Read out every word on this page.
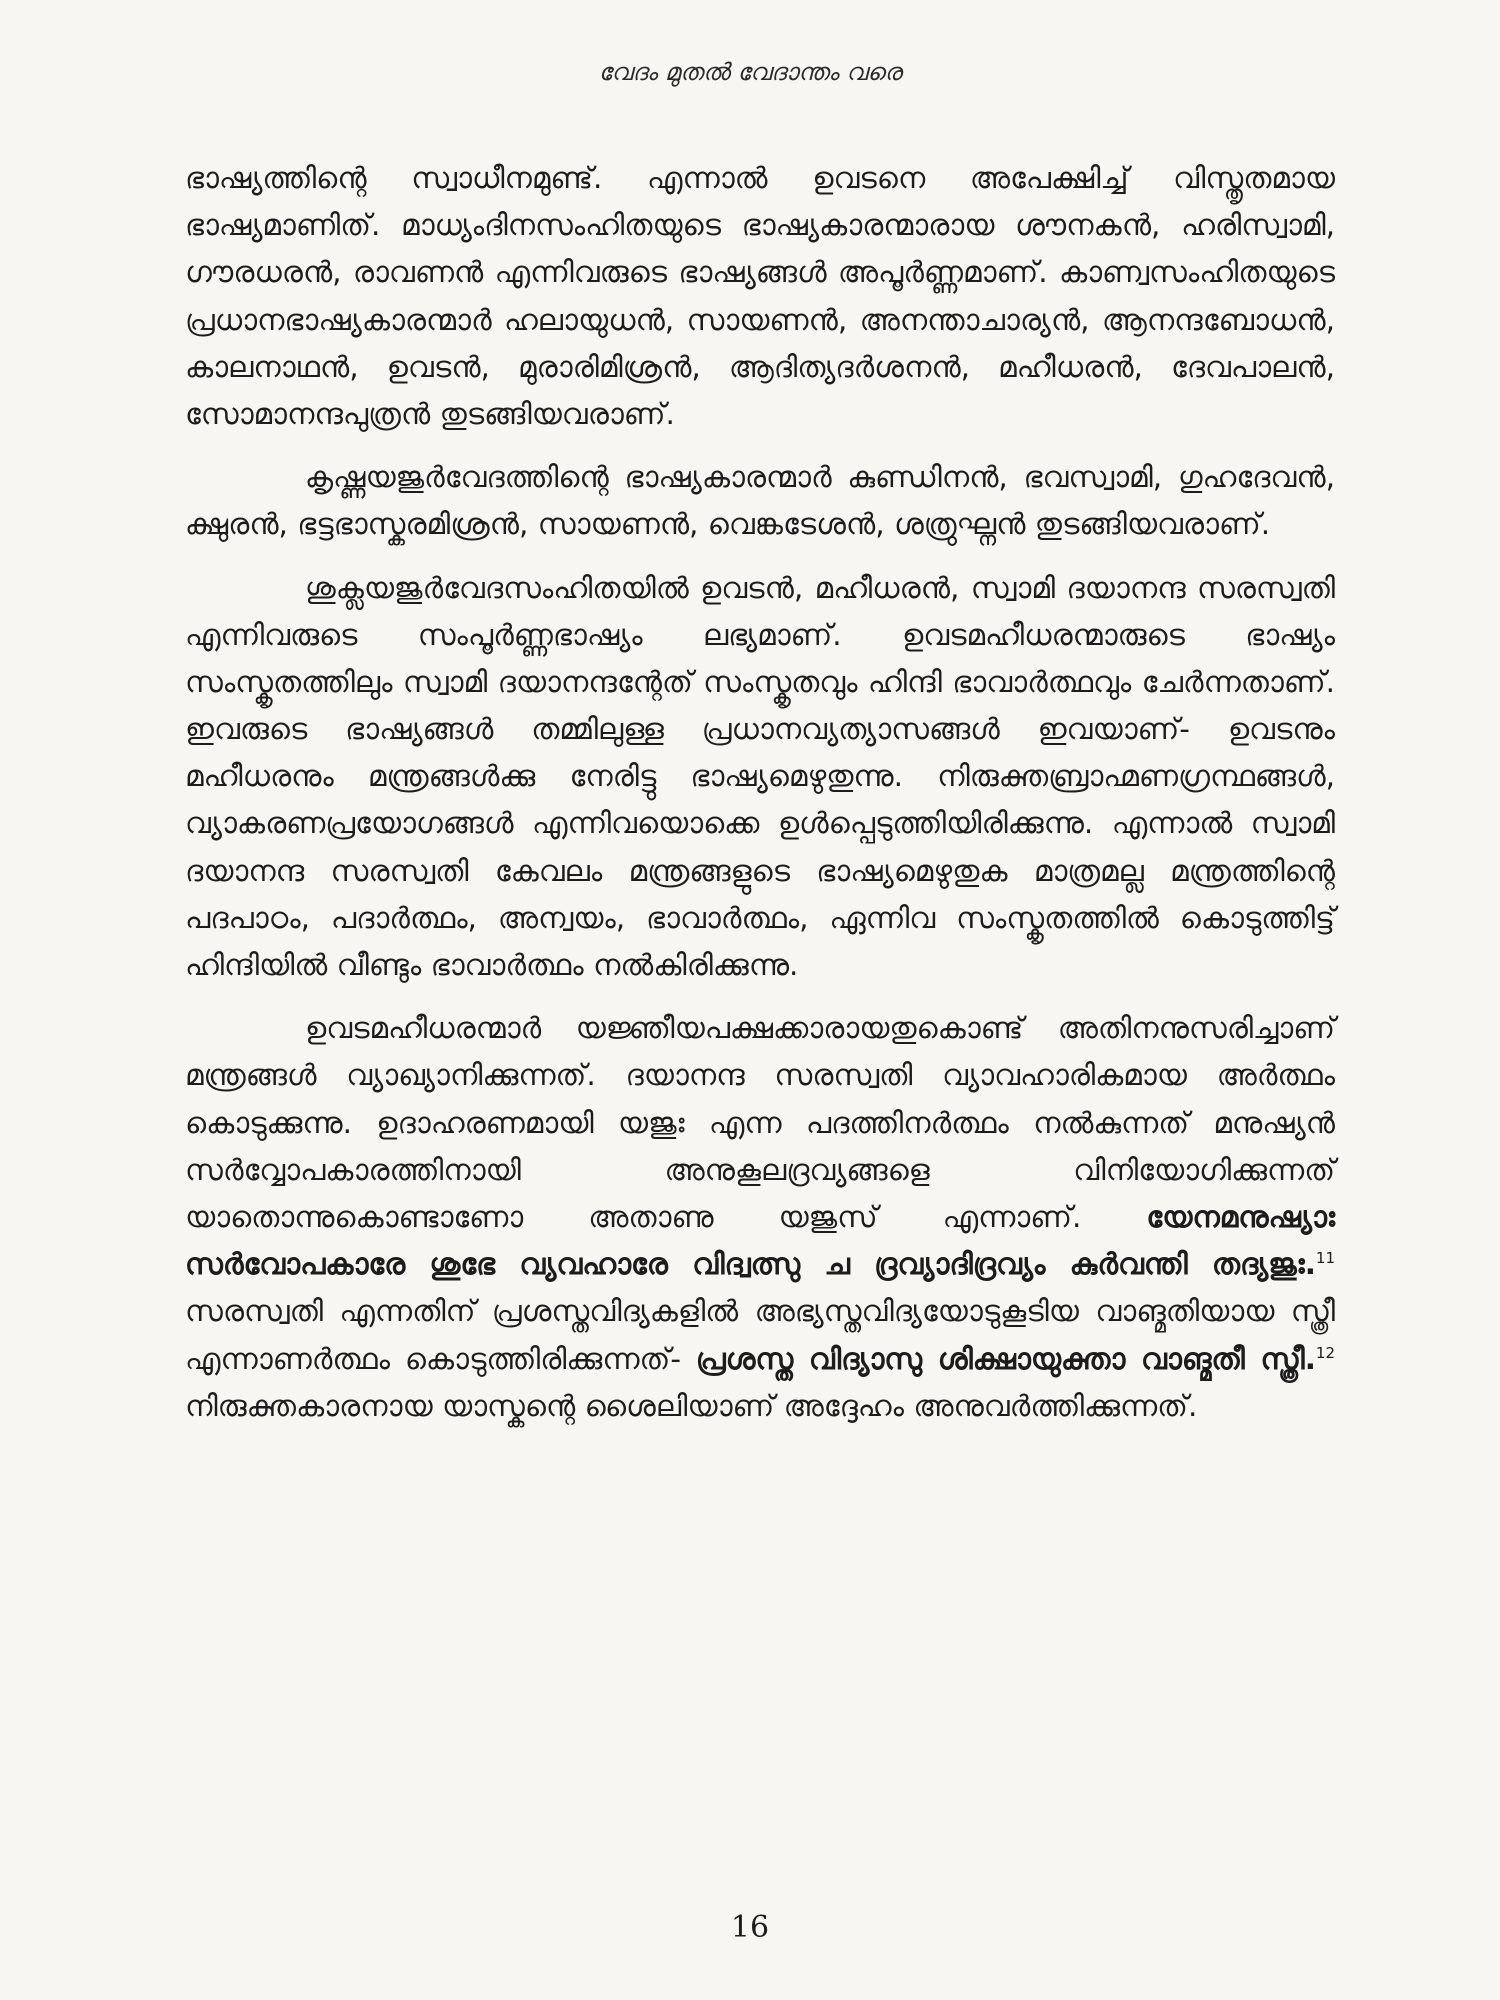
വേദം മുതൽ വേദാന്തം വരെ

ഭാഷ്യത്തിന്റെ സ്വാധീനമുണ്ട്. എന്നാൽ ഉവടനെ അപേക്ഷിച്ച് വിസ്തൃതമായ ഭാഷ്യമാണിത്. മാധ്യംദിനസംഹിതയുടെ ഭാഷ്യകാരന്മാരായ ശൗനകൻ, ഹരിസ്വാമി, ഗൗരധരൻ, രാവണൻ എന്നിവരുടെ ഭാഷ്യങ്ങൾ അപൂർണ്ണമാണ്. കാണ്വസംഹിതയുടെ പ്രധാനഭാഷ്യകാരന്മാർ ഹലായുധൻ, സായണൻ, അനന്താചാര്യൻ, ആനന്ദബോധൻ, കാലനാഥൻ, ഉവടൻ, മുരാരിമിശ്രൻ, ആദിത്യദർശനൻ, മഹീധരൻ, ദേവപാലൻ, സോമാനന്ദപുത്രൻ തുടങ്ങിയവരാണ്.

കൃഷ്ണയജുർവേദത്തിന്റെ ഭാഷ്യകാരന്മാർ കുണ്ഡിനൻ, ഭവസ്വാമി, ഗുഹദേവൻ, ക്ഷുരൻ, ഭട്ടഭാസ്കരമിശ്രൻ, സായണൻ, വെങ്കടേശൻ, ശത്രുഘ്നൻ തുടങ്ങിയവരാണ്.

ശുക്ലയജുർവേദസംഹിതയിൽ ഉവടൻ, മഹീധരൻ, സ്വാമി ദയാനന്ദ സരസ്വതി എന്നിവരുടെ സംപൂർണ്ണഭാഷ്യം ലഭ്യമാണ്. ഉവടമഹീധരന്മാരുടെ ഭാഷ്യം സംസ്കൃതത്തിലും സ്വാമി ദയാനന്ദന്റേത് സംസ്കൃതവും ഹിന്ദി ഭാവാർത്ഥവും ചേർന്നതാണ്. ഇവരുടെ ഭാഷ്യങ്ങൾ തമ്മിലുള്ള പ്രധാനവ്യത്യാസങ്ങൾ ഇവയാണ്- ഉവടനും മഹീധരനും മന്ത്രങ്ങൾക്കു നേരിട്ടു ഭാഷ്യമെഴുതുന്നു. നിരുക്തബ്രാഹ്മണഗ്രന്ഥങ്ങൾ, വ്യാകരണപ്രയോഗങ്ങൾ എന്നിവയൊക്കെ ഉൾപ്പെടുത്തിയിരിക്കുന്നു. എന്നാൽ സ്വാമി ദയാനന്ദ സരസ്വതി കേവലം മന്ത്രങ്ങളുടെ ഭാഷ്യമെഴുതുക മാത്രമല്ല മന്ത്രത്തിന്റെ പദപാഠം, പദാർത്ഥം, അന്വയം, ഭാവാർത്ഥം, ഏന്നിവ സംസ്കൃതത്തിൽ കൊടുത്തിട്ട് ഹിന്ദിയിൽ വീണ്ടും ഭാവാർത്ഥം നൽകിരിക്കുന്നു.

ഉവടമഹീധരന്മാർ യജ്ഞീയപക്ഷക്കാരായതുകൊണ്ട് അതിനനുസരിച്ചാണ് മന്ത്രങ്ങൾ വ്യാഖ്യാനിക്കുന്നത്. ദയാനന്ദ സരസ്വതി വ്യാവഹാരികമായ അർത്ഥം കൊടുക്കുന്നു. ഉദാഹരണമായി യജുഃ എന്ന പദത്തിനർത്ഥം നൽകുന്നത് മനുഷ്യൻ സർവ്വോപകാരത്തിനായി അനുകൂലദ്രവ്യങ്ങളെ വിനിയോഗിക്കുന്നത് യാതൊന്നുകൊണ്ടാണോ അതാണു യജുസ് എന്നാണ്. യേനമനുഷ്യാഃ സർവോപകാരേ ശുഭേ വ്യവഹാരേ വിദ്വത്സു ച ദ്രവ്യാദിദ്രവ്യം കുർവന്തി തദ്യജുഃ.$^{11}$ സരസ്വതി എന്നതിന് പ്രശസ്തവിദ്യകളിൽ അഭ്യസ്തവിദ്യയോടുകൂടിയ വാങ്മതിയായ സ്ത്രീ എന്നാണർത്ഥം കൊടുത്തിരിക്കുന്നത്- പ്രശസ്ത വിദ്യാസു ശിക്ഷായുക്താ വാങ്മതീ സ്ത്രീ.$^{12}$ നിരുക്തകാരനായ യാസ്കന്റെ ശൈലിയാണ് അദ്ദേഹം അനുവർത്തിക്കുന്നത്.

16
